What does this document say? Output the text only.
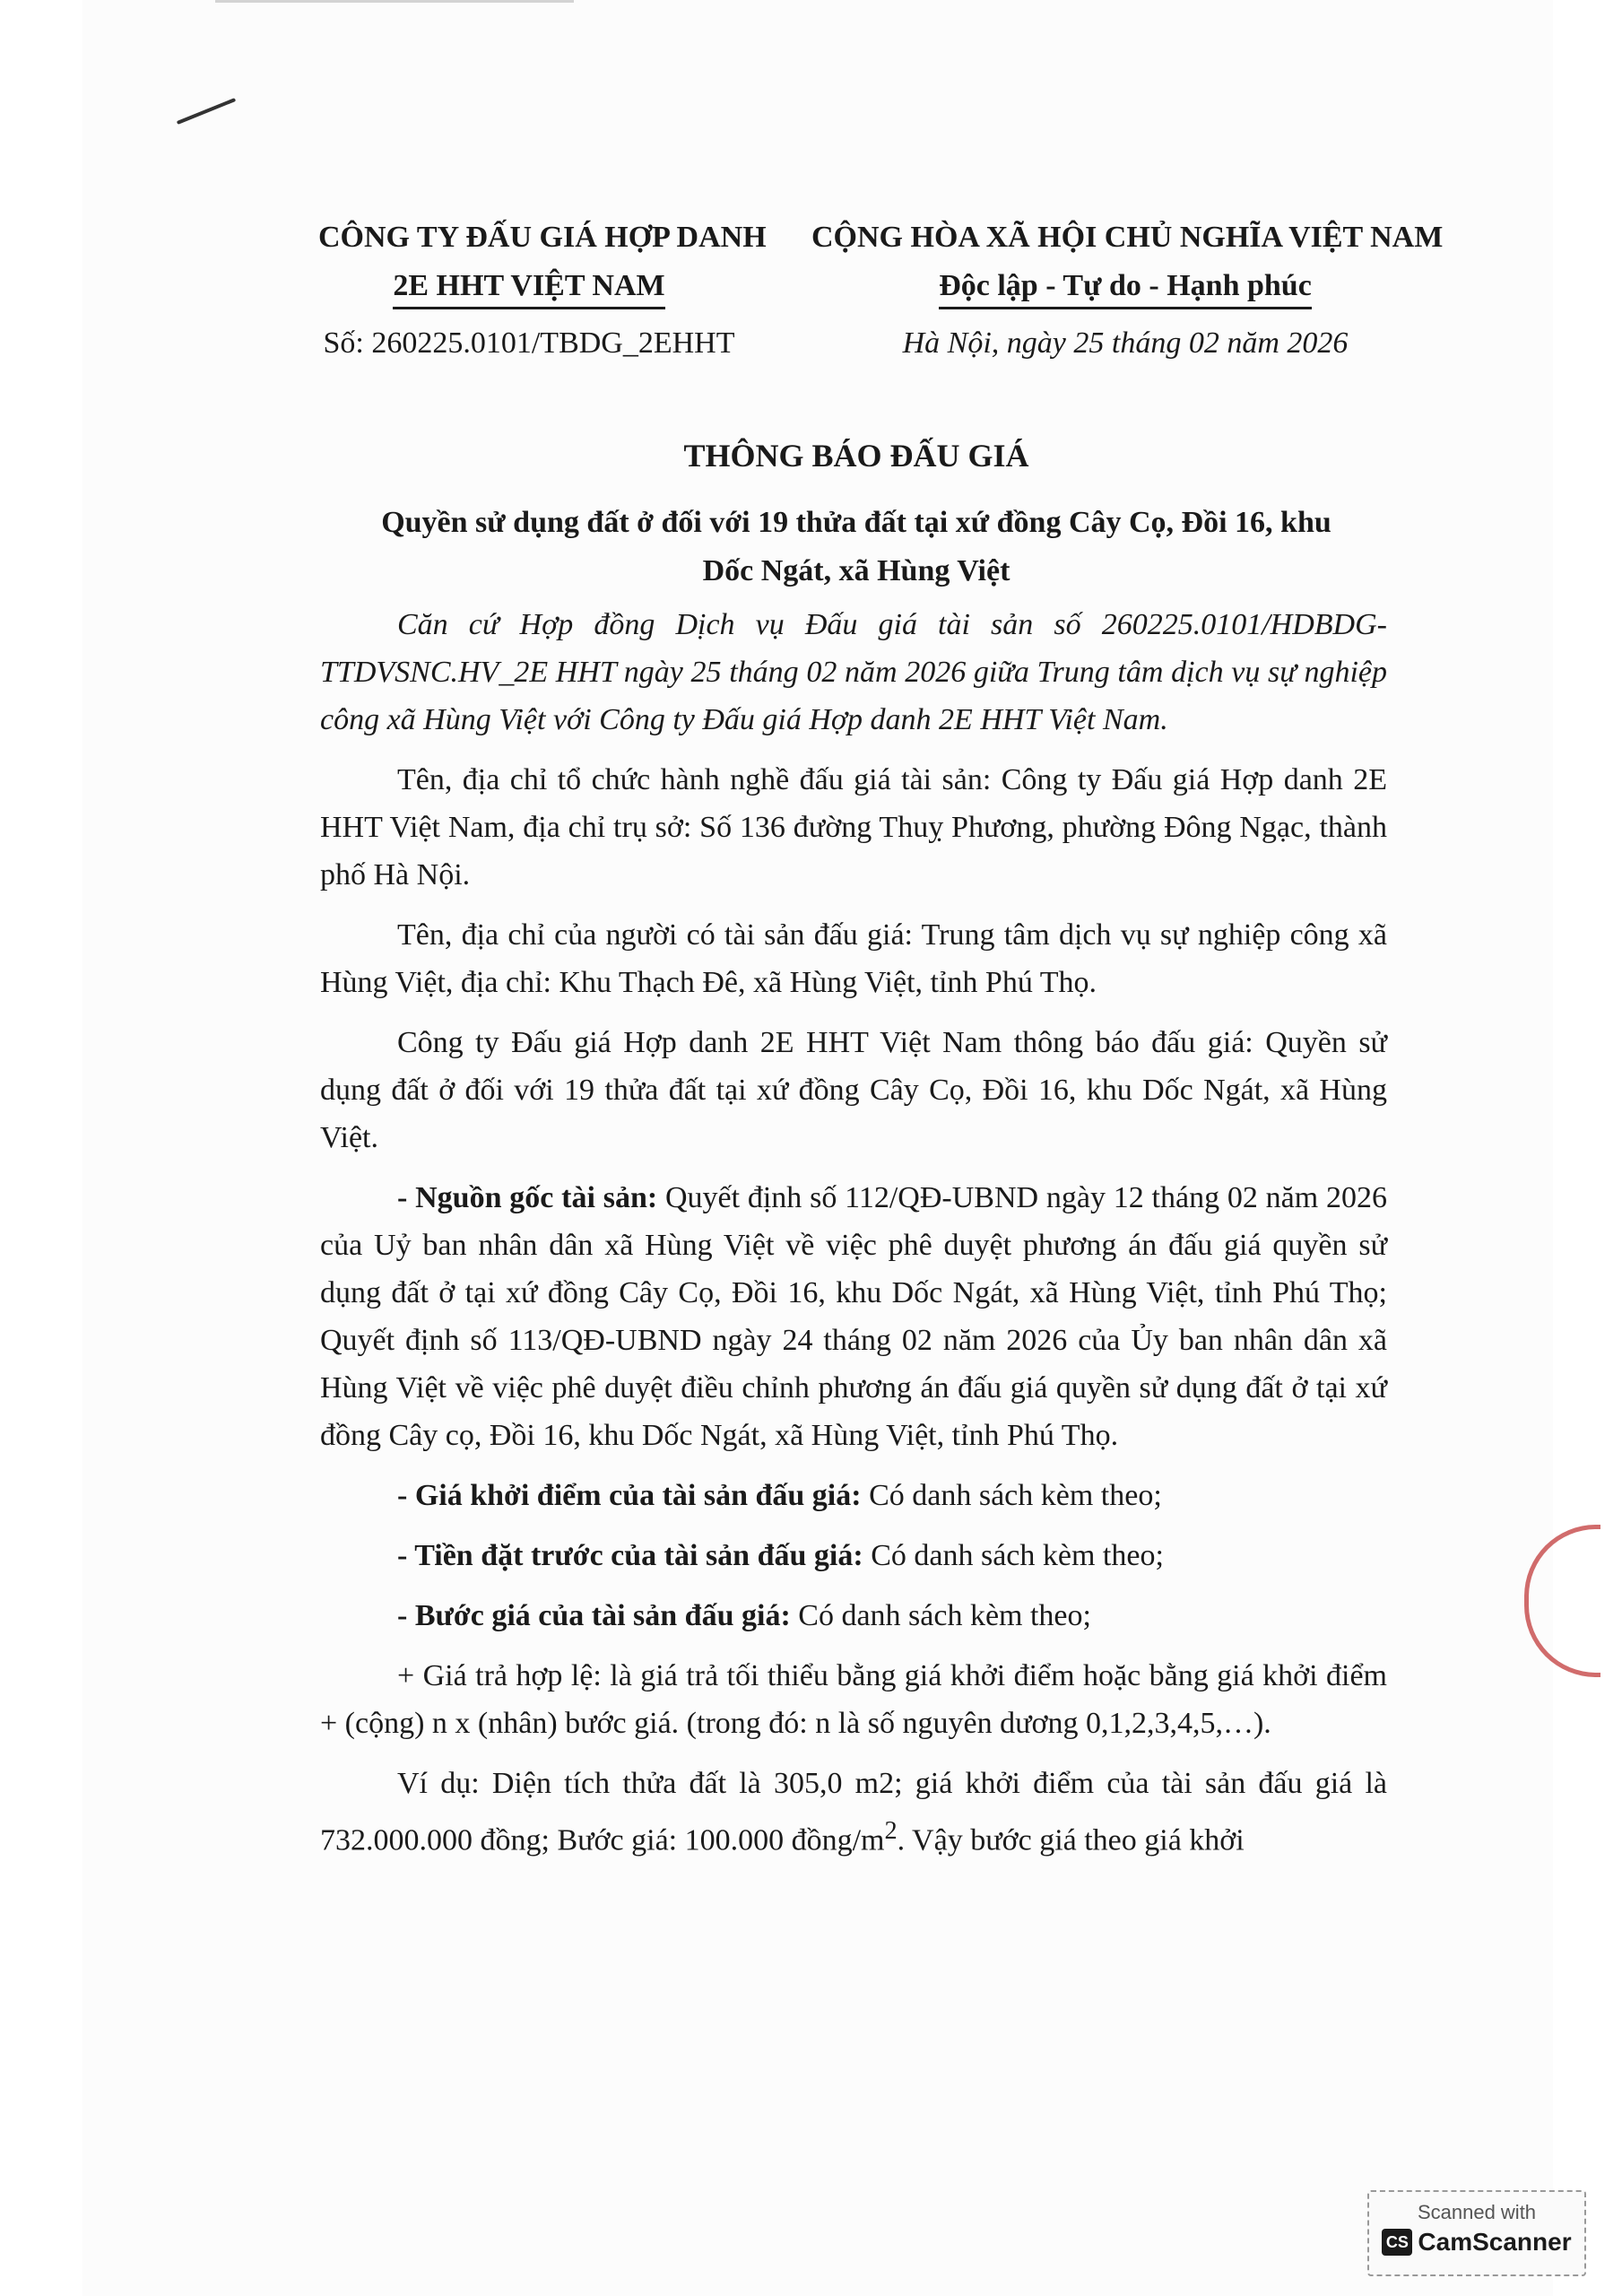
CÔNG TY ĐẤU GIÁ HỢP DANH
2E HHT VIỆT NAM
Số: 260225.0101/TBDG_2EHHT
CỘNG HÒA XÃ HỘI CHỦ NGHĨA VIỆT NAM
Độc lập - Tự do - Hạnh phúc
Hà Nội, ngày 25 tháng 02 năm 2026
THÔNG BÁO ĐẤU GIÁ
Quyền sử dụng đất ở đối với 19 thửa đất tại xứ đồng Cây Cọ, Đồi 16, khu
Dốc Ngát, xã Hùng Việt

Căn cứ Hợp đồng Dịch vụ Đấu giá tài sản số 260225.0101/HDBDG-TTDVSNC.HV_2E HHT ngày 25 tháng 02 năm 2026 giữa Trung tâm dịch vụ sự nghiệp công xã Hùng Việt với Công ty Đấu giá Hợp danh 2E HHT Việt Nam.

Tên, địa chỉ tổ chức hành nghề đấu giá tài sản: Công ty Đấu giá Hợp danh 2E HHT Việt Nam, địa chỉ trụ sở: Số 136 đường Thuỵ Phương, phường Đông Ngạc, thành phố Hà Nội.

Tên, địa chỉ của người có tài sản đấu giá: Trung tâm dịch vụ sự nghiệp công xã Hùng Việt, địa chỉ: Khu Thạch Đê, xã Hùng Việt, tỉnh Phú Thọ.

Công ty Đấu giá Hợp danh 2E HHT Việt Nam thông báo đấu giá: Quyền sử dụng đất ở đối với 19 thửa đất tại xứ đồng Cây Cọ, Đồi 16, khu Dốc Ngát, xã Hùng Việt.

- Nguồn gốc tài sản: Quyết định số 112/QĐ-UBND ngày 12 tháng 02 năm 2026 của Uỷ ban nhân dân xã Hùng Việt về việc phê duyệt phương án đấu giá quyền sử dụng đất ở tại xứ đồng Cây Cọ, Đồi 16, khu Dốc Ngát, xã Hùng Việt, tỉnh Phú Thọ; Quyết định số 113/QĐ-UBND ngày 24 tháng 02 năm 2026 của Ủy ban nhân dân xã Hùng Việt về việc phê duyệt điều chỉnh phương án đấu giá quyền sử dụng đất ở tại xứ đồng Cây cọ, Đồi 16, khu Dốc Ngát, xã Hùng Việt, tỉnh Phú Thọ.

- Giá khởi điểm của tài sản đấu giá: Có danh sách kèm theo;

- Tiền đặt trước của tài sản đấu giá: Có danh sách kèm theo;

- Bước giá của tài sản đấu giá: Có danh sách kèm theo;

+ Giá trả hợp lệ: là giá trả tối thiểu bằng giá khởi điểm hoặc bằng giá khởi điểm + (cộng) n x (nhân) bước giá. (trong đó: n là số nguyên dương 0,1,2,3,4,5,…).

Ví dụ: Diện tích thửa đất là 305,0 m2; giá khởi điểm của tài sản đấu giá là 732.000.000 đồng; Bước giá: 100.000 đồng/$m^2$. Vậy bước giá theo giá khởi

Scanned with
CS CamScanner
